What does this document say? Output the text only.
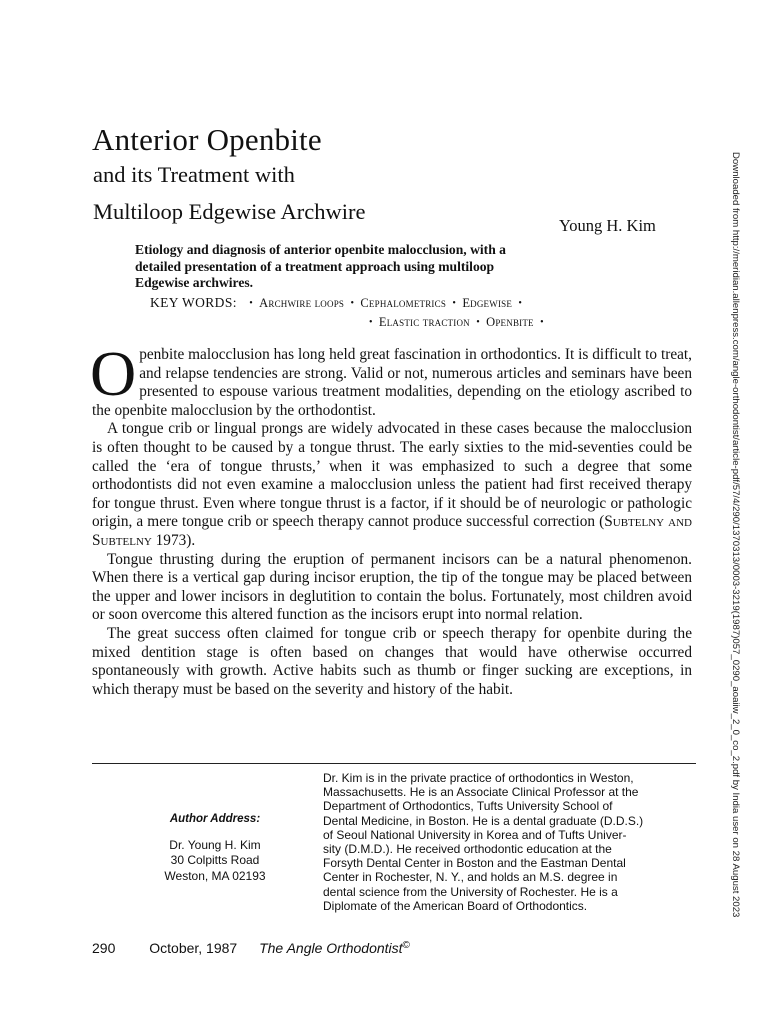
Anterior Openbite
and its Treatment with
Multiloop Edgewise Archwire
Young H. Kim
Etiology and diagnosis of anterior openbite malocclusion, with a
detailed presentation of a treatment approach using multiloop
Edgewise archwires.
KEY WORDS: • Archwire loops • Cephalometrics • Edgewise •
• Elastic traction • Openbite •

Openbite malocclusion has long held great fascination in orthodontics. It is difficult to treat, and relapse tendencies are strong. Valid or not, numerous articles and seminars have been presented to espouse various treatment modalities, depending on the etiology ascribed to the openbite malocclusion by the orthodontist.

A tongue crib or lingual prongs are widely advocated in these cases because the malocclusion is often thought to be caused by a tongue thrust. The early sixties to the mid-seventies could be called the ‘era of tongue thrusts,’ when it was emphasized to such a degree that some orthodontists did not even examine a malocclusion unless the patient had first received therapy for tongue thrust. Even where tongue thrust is a factor, if it should be of neurologic or pathologic origin, a mere tongue crib or speech therapy cannot produce successful correction (Subtelny and Subtelny 1973).

Tongue thrusting during the eruption of permanent incisors can be a natural phenomenon. When there is a vertical gap during incisor eruption, the tip of the tongue may be placed between the upper and lower incisors in deglutition to contain the bolus. Fortunately, most children avoid or soon overcome this altered function as the incisors erupt into normal relation.

The great success often claimed for tongue crib or speech therapy for openbite during the mixed dentition stage is often based on changes that would have otherwise occurred spontaneously with growth. Active habits such as thumb or finger sucking are exceptions, in which therapy must be based on the severity and history of the habit.

Author Address:
Dr. Young H. Kim
30 Colpitts Road
Weston, MA 02193
Dr. Kim is in the private practice of orthodontics in Weston,
Massachusetts. He is an Associate Clinical Professor at the
Department of Orthodontics, Tufts University School of
Dental Medicine, in Boston. He is a dental graduate (D.D.S.)
of Seoul National University in Korea and of Tufts Univer-
sity (D.M.D.). He received orthodontic education at the
Forsyth Dental Center in Boston and the Eastman Dental
Center in Rochester, N. Y., and holds an M.S. degree in
dental science from the University of Rochester. He is a
Diplomate of the American Board of Orthodontics.
290 October, 1987 The Angle Orthodontist©
Downloaded from http://meridian.allenpress.com/angle-orthodontist/article-pdf/57/4/290/1370313/0003-3219(1987)057_0290_aoaiiw_2_0_co_2.pdf by India user on 28 August 2023
